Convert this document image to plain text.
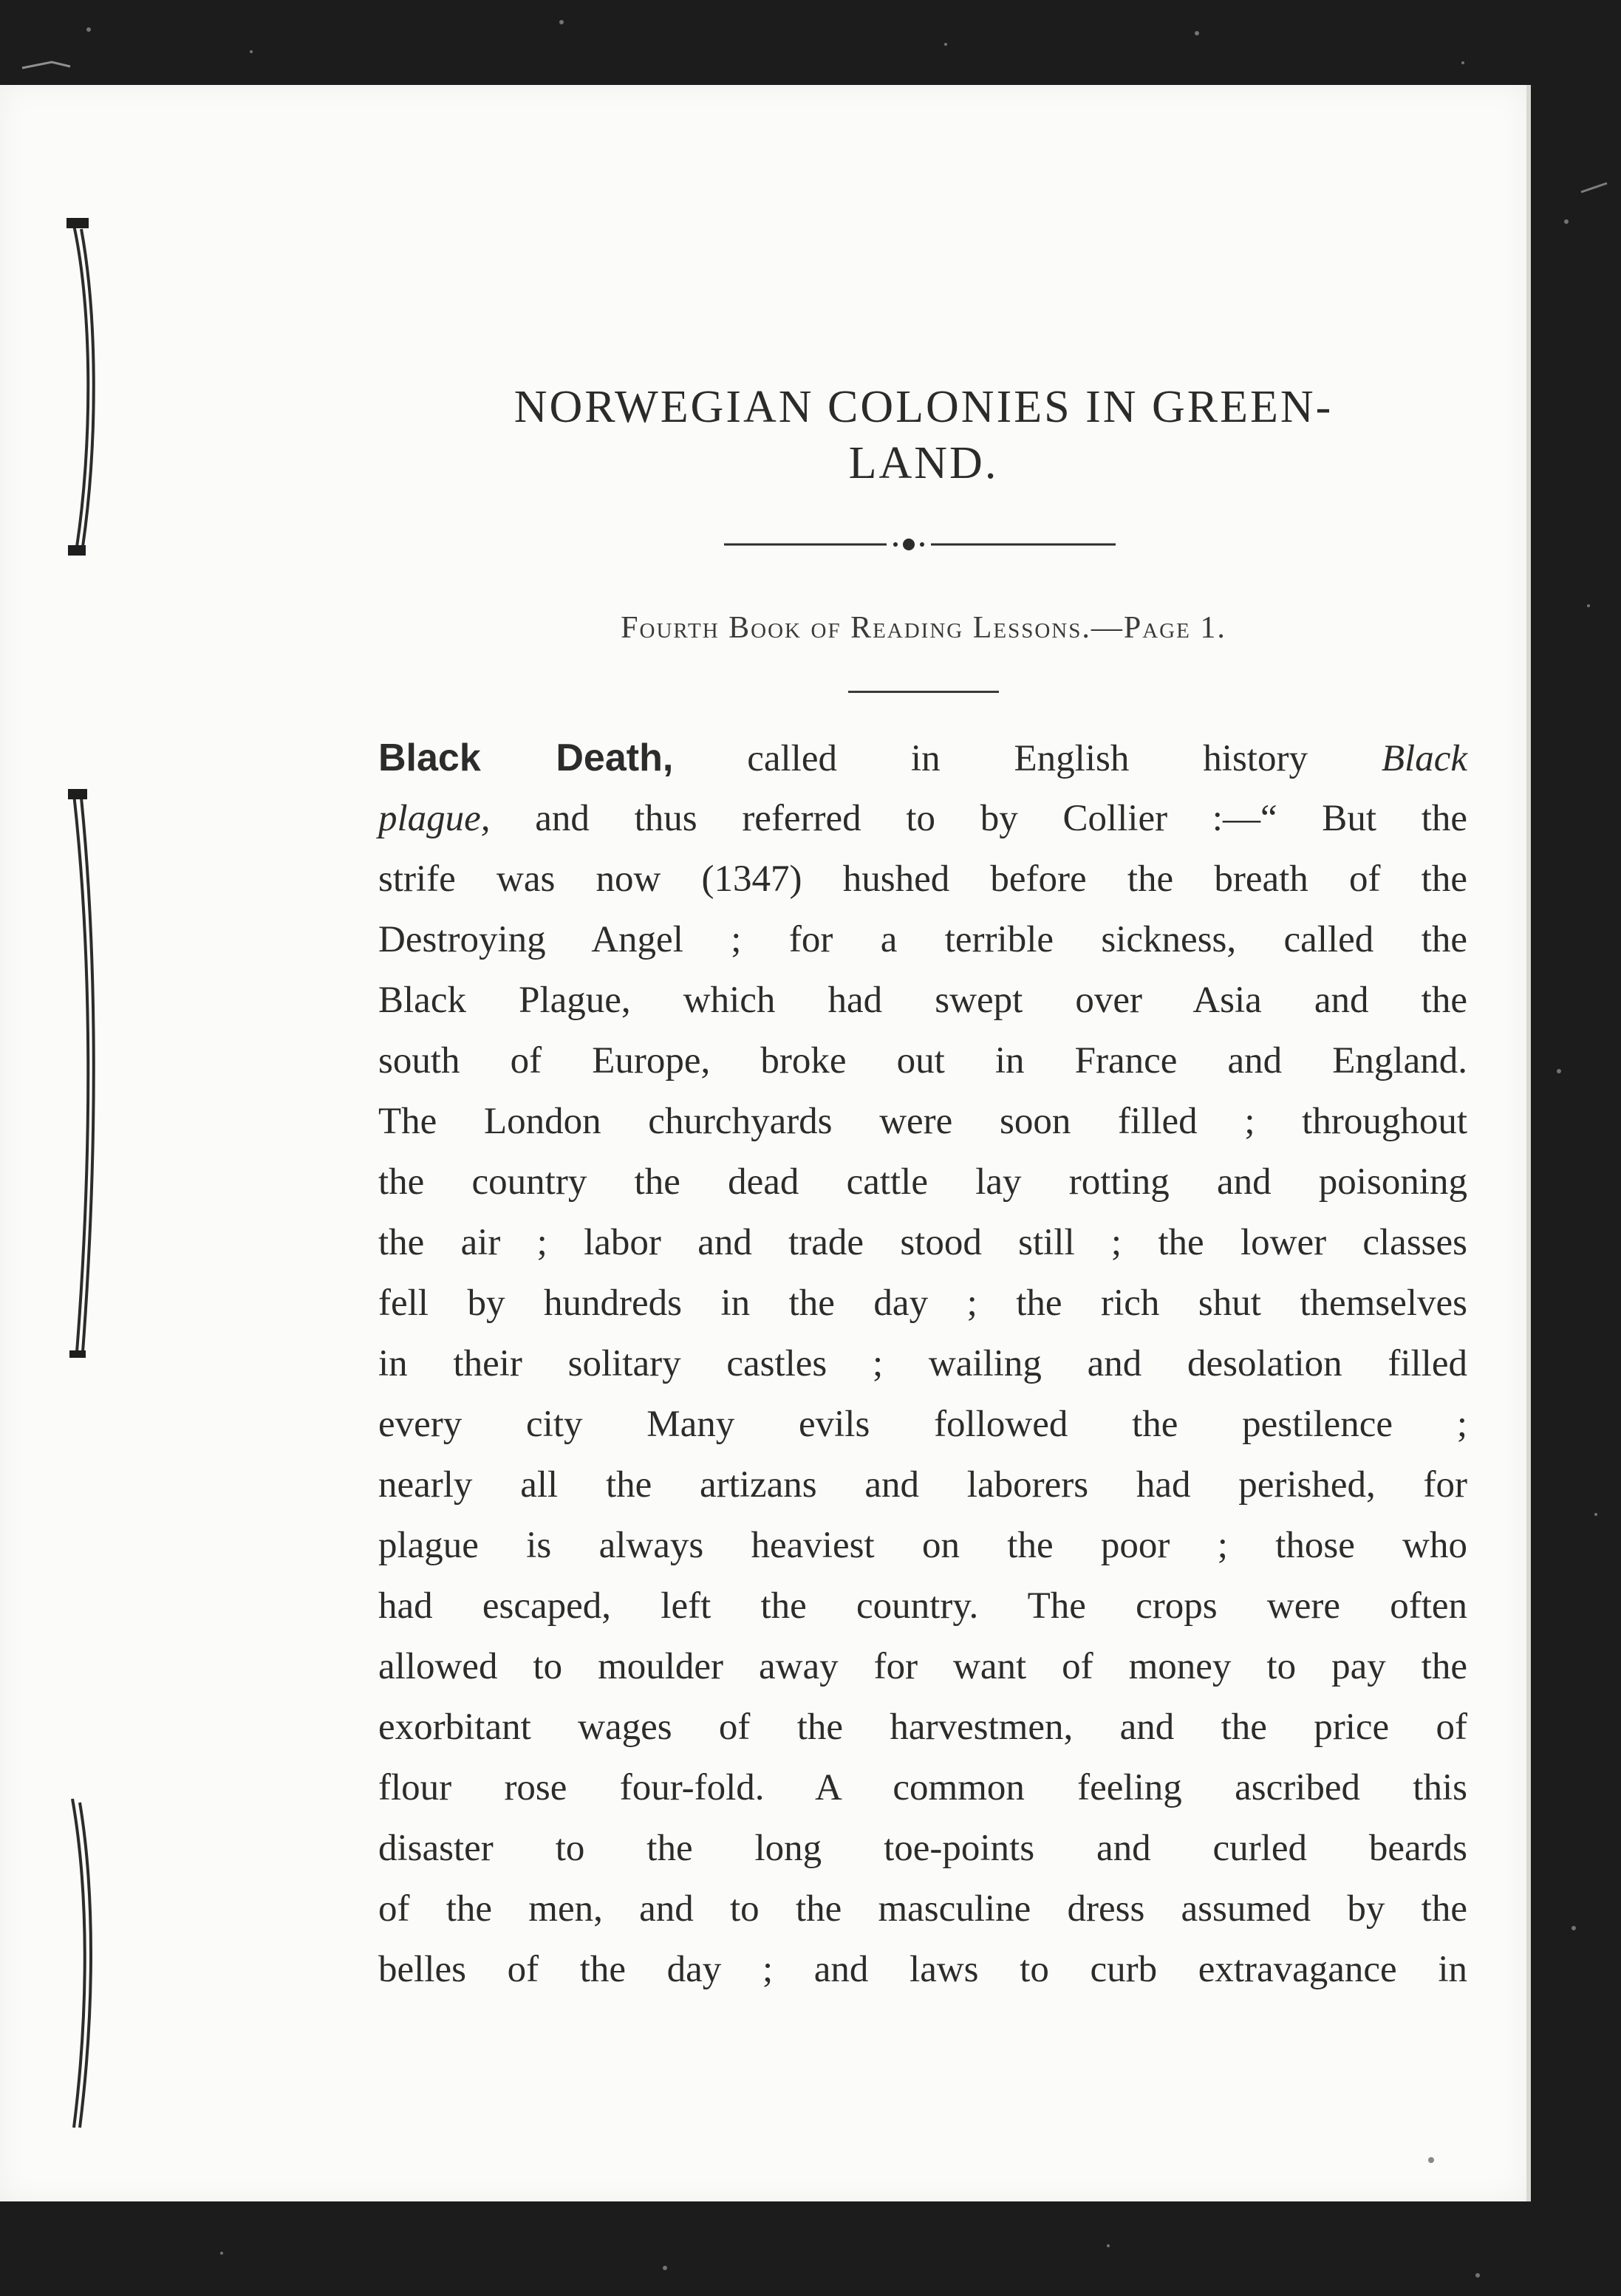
NORWEGIAN COLONIES IN GREEN-
LAND.
Fourth Book of Reading Lessons.—Page 1.
Black Death, called in English history Black
plague, and thus referred to by Collier :—“ But the
strife was now (1347) hushed before the breath of the
Destroying Angel ; for a terrible sickness, called the
Black Plague, which had swept over Asia and the
south of Europe, broke out in France and England.
The London churchyards were soon filled ; throughout
the country the dead cattle lay rotting and poisoning
the air ; labor and trade stood still ; the lower classes
fell by hundreds in the day ; the rich shut themselves
in their solitary castles ; wailing and desolation filled
every city Many evils followed the pestilence ;
nearly all the artizans and laborers had perished, for
plague is always heaviest on the poor ; those who
had escaped, left the country. The crops were often
allowed to moulder away for want of money to pay the
exorbitant wages of the harvestmen, and the price of
flour rose four-fold. A common feeling ascribed this
disaster to the long toe-points and curled beards
of the men, and to the masculine dress assumed by the
belles of the day ; and laws to curb extravagance in
